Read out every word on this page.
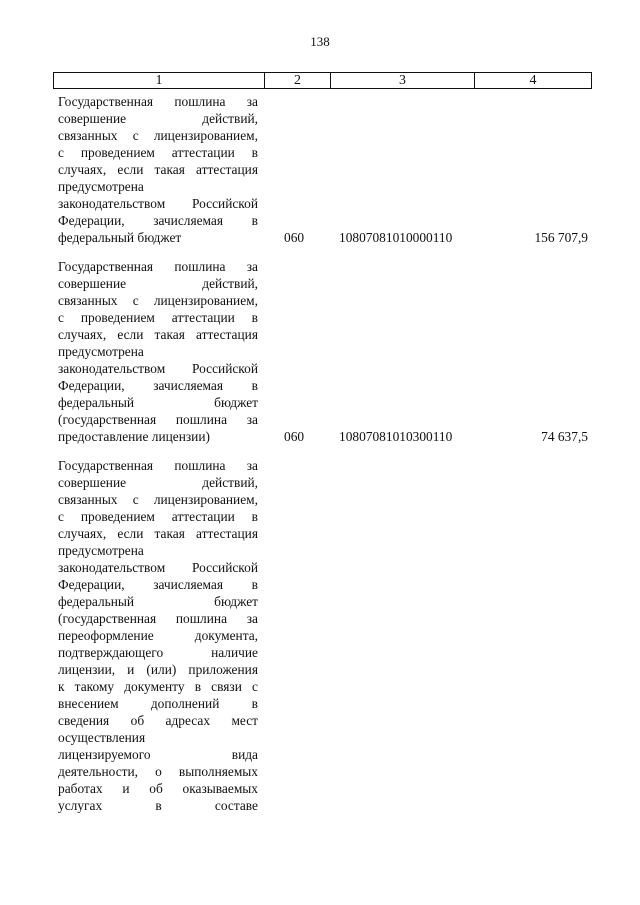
138
1	2	3	4
Государственная пошлина за
совершение действий,
связанных с лицензированием,
с проведением аттестации в
случаях, если такая аттестация
предусмотрена
законодательством Российской
Федерации, зачисляемая в
федеральный бюджет	060	10807081010000110	156 707,9
Государственная пошлина за
совершение действий,
связанных с лицензированием,
с проведением аттестации в
случаях, если такая аттестация
предусмотрена
законодательством Российской
Федерации, зачисляемая в
федеральный бюджет
(государственная пошлина за
предоставление лицензии)	060	10807081010300110	74 637,5
Государственная пошлина за
совершение действий,
связанных с лицензированием,
с проведением аттестации в
случаях, если такая аттестация
предусмотрена
законодательством Российской
Федерации, зачисляемая в
федеральный бюджет
(государственная пошлина за
переоформление документа,
подтверждающего наличие
лицензии, и (или) приложения
к такому документу в связи с
внесением дополнений в
сведения об адресах мест
осуществления
лицензируемого вида
деятельности, о выполняемых
работах и об оказываемых
услугах в составе
